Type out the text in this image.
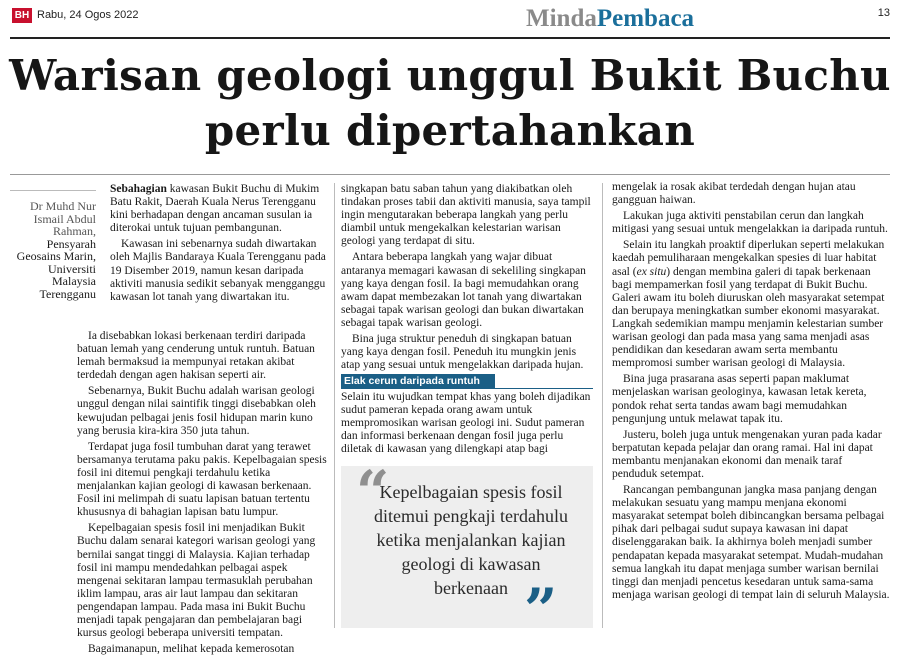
BH Rabu, 24 Ogos 2022	MindaPembaca	13
Warisan geologi unggul Bukit Buchu perlu dipertahankan
Dr Muhd Nur Ismail Abdul Rahman,
Pensyarah Geosains Marin, Universiti Malaysia Terengganu

Sebahagian kawasan Bukit Buchu di Mukim Batu Rakit, Daerah Kuala Nerus Terengganu kini berhadapan dengan ancaman susulan ia diterokai untuk tujuan pembangunan.

Kawasan ini sebenarnya sudah diwartakan oleh Majlis Bandaraya Kuala Terengganu pada 19 Disember 2019, namun kesan daripada aktiviti manusia sedikit sebanyak mengganggu kawasan lot tanah yang diwartakan itu.

Ia disebabkan lokasi berkenaan terdiri daripada batuan lemah yang cenderung untuk runtuh. Batuan lemah bermaksud ia mempunyai retakan akibat terdedah dengan agen hakisan seperti air.

Sebenarnya, Bukit Buchu adalah warisan geologi unggul dengan nilai saintifik tinggi disebabkan oleh kewujudan pelbagai jenis fosil hidupan marin kuno yang berusia kira-kira 350 juta tahun.

Terdapat juga fosil tumbuhan darat yang terawet bersamanya terutama paku pakis. Kepelbagaian spesis fosil ini ditemui pengkaji terdahulu ketika menjalankan kajian geologi di kawasan berkenaan. Fosil ini melimpah di suatu lapisan batuan tertentu khususnya di bahagian lapisan batu lumpur.

Kepelbagaian spesis fosil ini menjadikan Bukit Buchu dalam senarai kategori warisan geologi yang bernilai sangat tinggi di Malaysia. Kajian terhadap fosil ini mampu mendedahkan pelbagai aspek mengenai sekitaran lampau termasuklah perubahan iklim lampau, aras air laut lampau dan sekitaran pengendapan lampau. Pada masa ini Bukit Buchu menjadi tapak pengajaran dan pembelajaran bagi kursus geologi beberapa universiti tempatan.

Bagaimanapun, melihat kepada kemerosotan

singkapan batu saban tahun yang diakibatkan oleh tindakan proses tabii dan aktiviti manusia, saya tampil ingin mengutarakan beberapa langkah yang perlu diambil untuk mengekalkan kelestarian warisan geologi yang terdapat di situ.

Antara beberapa langkah yang wajar dibuat antaranya memagari kawasan di sekeliling singkapan yang kaya dengan fosil. Ia bagi memudahkan orang awam dapat membezakan lot tanah yang diwartakan sebagai tapak warisan geologi dan bukan diwartakan sebagai tapak warisan geologi.

Bina juga struktur peneduh di singkapan batuan yang kaya dengan fosil. Peneduh itu mungkin jenis atap yang sesuai untuk mengelakkan daripada hujan.

Elak cerun daripada runtuh

Selain itu wujudkan tempat khas yang boleh dijadikan sudut pameran kepada orang awam untuk mempromosikan warisan geologi ini. Sudut pameran dan informasi berkenaan dengan fosil juga perlu diletak di kawasan yang dilengkapi atap bagi

“
Kepelbagaian spesis fosil ditemui pengkaji terdahulu ketika menjalankan kajian geologi di kawasan berkenaan ”

mengelak ia rosak akibat terdedah dengan hujan atau gangguan haiwan.

Lakukan juga aktiviti penstabilan cerun dan langkah mitigasi yang sesuai untuk mengelakkan ia daripada runtuh.

Selain itu langkah proaktif diperlukan seperti melakukan kaedah pemuliharaan mengekalkan spesies di luar habitat asal (ex situ) dengan membina galeri di tapak berkenaan bagi mempamerkan fosil yang terdapat di Bukit Buchu. Galeri awam itu boleh diuruskan oleh masyarakat setempat dan berupaya meningkatkan sumber ekonomi masyarakat. Langkah sedemikian mampu menjamin kelestarian sumber warisan geologi dan pada masa yang sama menjadi asas pendidikan dan kesedaran awam serta membantu mempromosi sumber warisan geologi di Malaysia.

Bina juga prasarana asas seperti papan maklumat menjelaskan warisan geologinya, kawasan letak kereta, pondok rehat serta tandas awam bagi memudahkan pengunjung untuk melawat tapak itu.

Justeru, boleh juga untuk mengenakan yuran pada kadar berpatutan kepada pelajar dan orang ramai. Hal ini dapat membantu menjanakan ekonomi dan menaik taraf penduduk setempat.

Rancangan pembangunan jangka masa panjang dengan melakukan sesuatu yang mampu menjana ekonomi masyarakat setempat boleh dibincangkan bersama pelbagai pihak dari pelbagai sudut supaya kawasan ini dapat diselenggarakan baik. Ia akhirnya boleh menjadi sumber pendapatan kepada masyarakat setempat. Mudah-mudahan semua langkah itu dapat menjaga sumber warisan bernilai tinggi dan menjadi pencetus kesedaran untuk sama-sama menjaga warisan geologi di tempat lain di seluruh Malaysia.
